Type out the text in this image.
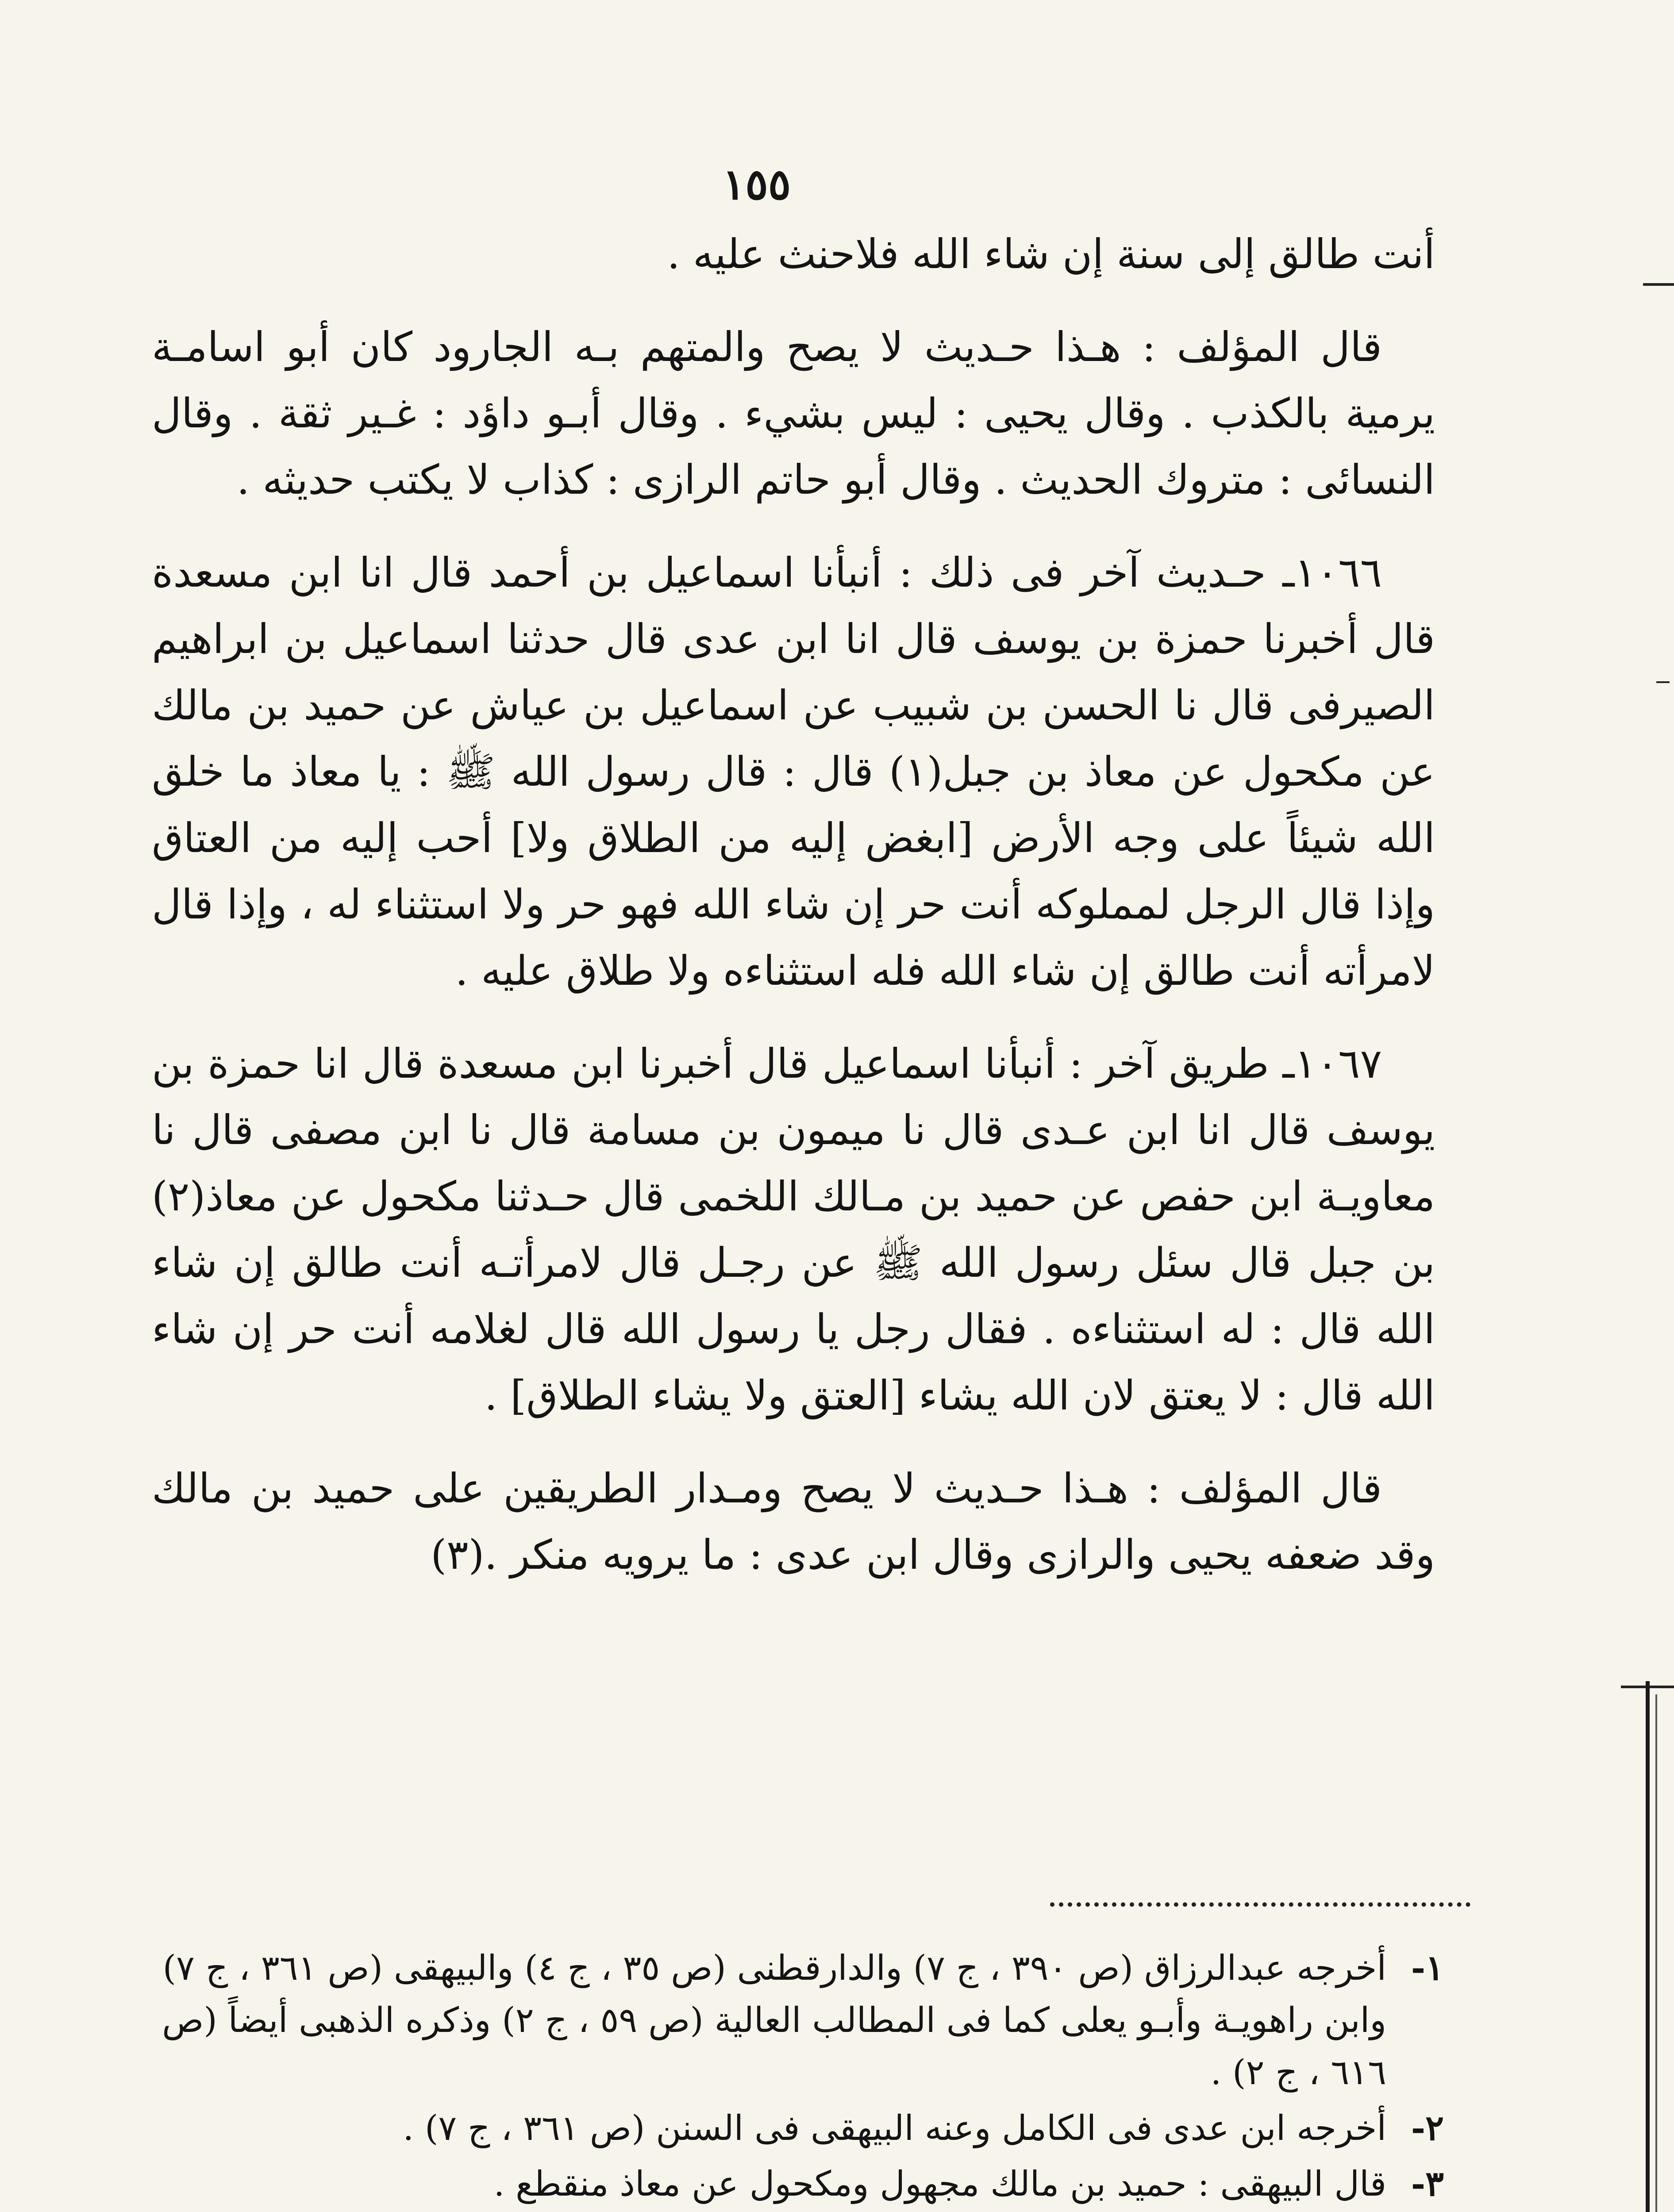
١٥٥

أنت طالق إلى سنة إن شاء الله فلاحنث عليه .

قال المؤلف : هـذا حـديث لا يصح والمتهم بـه الجارود كان أبو اسامـة يرمية بالكذب . وقال يحيى : ليس بشيء . وقال أبـو داؤد : غـير ثقة . وقال النسائى : متروك الحديث . وقال أبو حاتم الرازى : كذاب لا يكتب حديثه .

١٠٦٦ـ حـديث آخر فى ذلك : أنبأنا اسماعيل بن أحمد قال انا ابن مسعدة قال أخبرنا حمزة بن يوسف قال انا ابن عدى قال حدثنا اسماعيل بن ابراهيم الصيرفى قال نا الحسن بن شبيب عن اسماعيل بن عياش عن حميد بن مالك عن مكحول عن معاذ بن جبل(١) قال : قال رسول الله ﷺ : يا معاذ ما خلق الله شيئاً على وجه الأرض [ابغض إليه من الطلاق ولا] أحب إليه من العتاق وإذا قال الرجل لمملوكه أنت حر إن شاء الله فهو حر ولا استثناء له ، وإذا قال لامرأته أنت طالق إن شاء الله فله استثناءه ولا طلاق عليه .

١٠٦٧ـ طريق آخر : أنبأنا اسماعيل قال أخبرنا ابن مسعدة قال انا حمزة بن يوسف قال انا ابن عـدى قال نا ميمون بن مسامة قال نا ابن مصفى قال نا معاويـة ابن حفص عن حميد بن مـالك اللخمى قال حـدثنا مكحول عن معاذ(٢) بن جبل قال سئل رسول الله ﷺ عن رجـل قال لامرأتـه أنت طالق إن شاء الله قال : له استثناءه . فقال رجل يا رسول الله قال لغلامه أنت حر إن شاء الله قال : لا يعتق لان الله يشاء [العتق ولا يشاء الطلاق] .

قال المؤلف : هـذا حـديث لا يصح ومـدار الطريقين على حميد بن مالك وقد ضعفه يحيى والرازى وقال ابن عدى : ما يرويه منكر .(٣)

١-
أخرجه عبدالرزاق (ص ٣٩٠ ، ج ٧) والدارقطنى (ص ٣٥ ، ج ٤) والبيهقى (ص ٣٦١ ، ج ٧) وابن راهويـة وأبـو يعلى كما فى المطالب العالية (ص ٥٩ ، ج ٢) وذكره الذهبى أيضاً (ص ٦١٦ ، ج ٢) .
٢-
أخرجه ابن عدى فى الكامل وعنه البيهقى فى السنن (ص ٣٦١ ، ج ٧) .
٣-
قال البيهقى : حميد بن مالك مجهول ومكحول عن معاذ منقطع .
